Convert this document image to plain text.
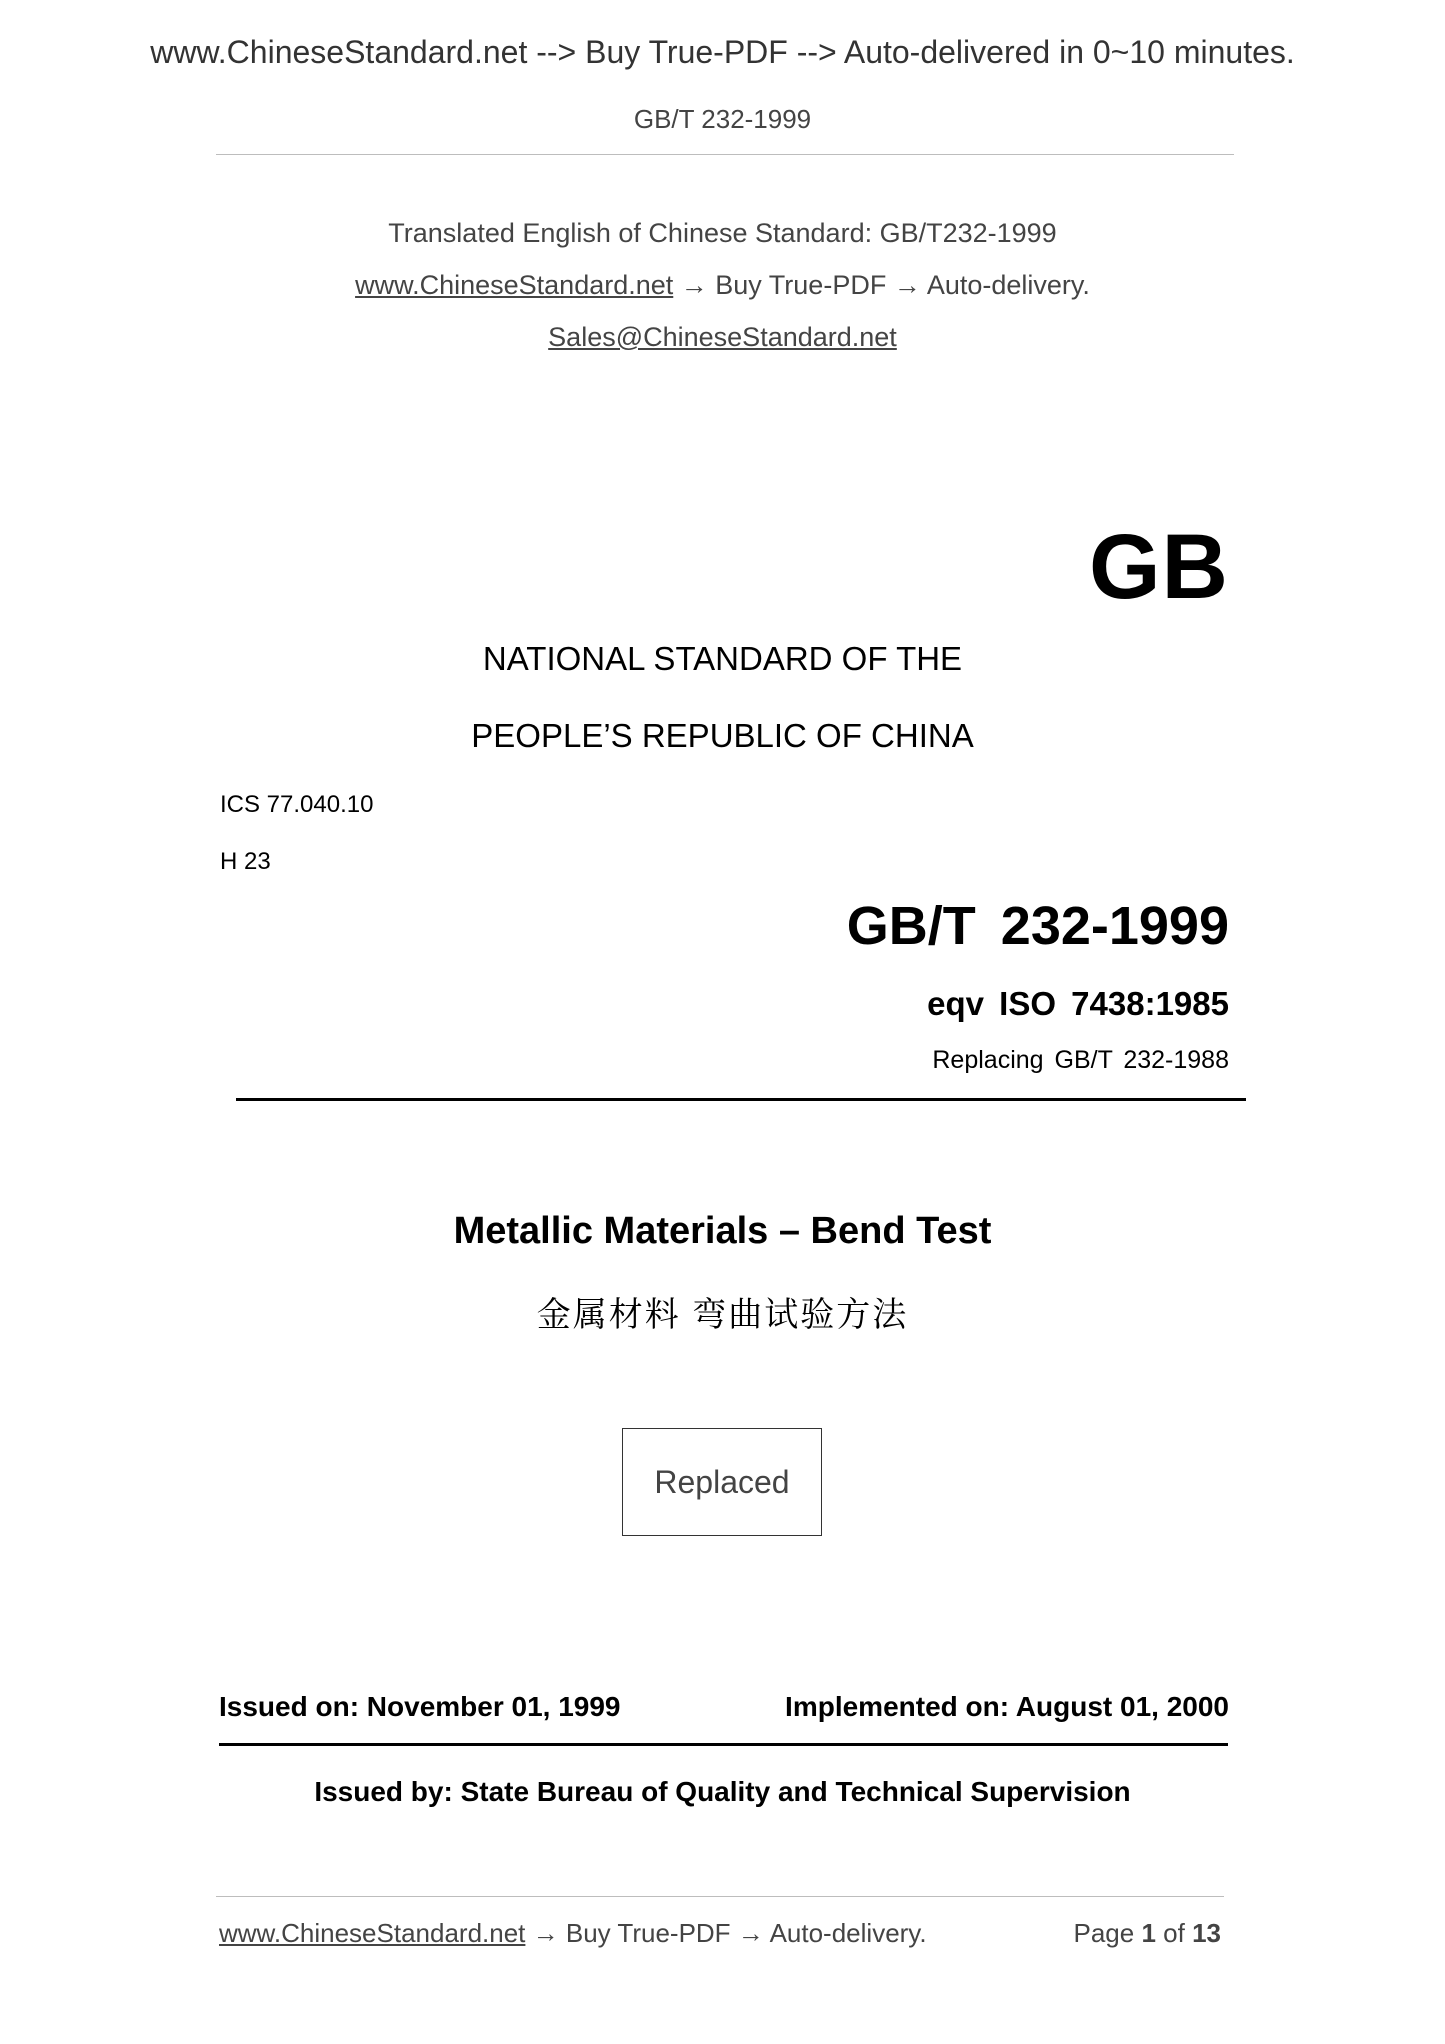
www.ChineseStandard.net --> Buy True-PDF --> Auto-delivered in 0~10 minutes.
GB/T 232-1999
Translated English of Chinese Standard: GB/T232-1999
www.ChineseStandard.net → Buy True-PDF → Auto-delivery.
Sales@ChineseStandard.net
GB
NATIONAL STANDARD OF THE
PEOPLE’S REPUBLIC OF CHINA
ICS 77.040.10
H 23
GB/T 232-1999
eqv ISO 7438:1985
Replacing GB/T 232-1988
Metallic Materials – Bend Test
金属材料 弯曲试验方法
Replaced
Issued on: November 01, 1999	Implemented on: August 01, 2000
Issued by: State Bureau of Quality and Technical Supervision
www.ChineseStandard.net → Buy True-PDF → Auto-delivery.	Page 1 of 13
